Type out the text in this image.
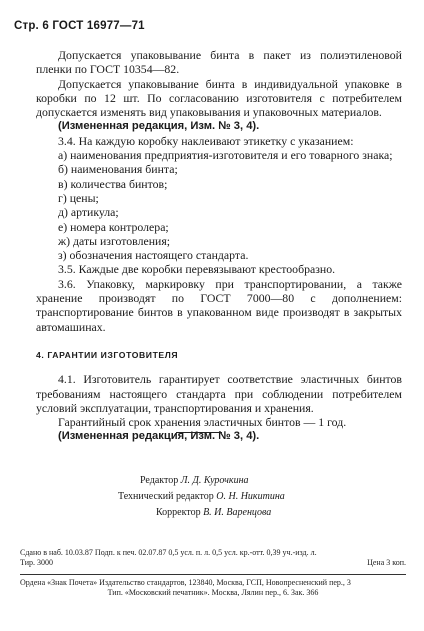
Стр. 6 ГОСТ 16977—71

Допускается упаковывание бинта в пакет из полиэтиленовой пленки по ГОСТ 10354—82.

Допускается упаковывание бинта в индивидуальной упаковке в коробки по 12 шт. По согласованию изготовителя с потребителем допускается изменять вид упаковывания и упаковочных материалов.

(Измененная редакция, Изм. № 3, 4).

3.4. На каждую коробку наклеивают этикетку с указанием:

а) наименования предприятия-изготовителя и его товарного знака;

б) наименования бинта;

в) количества бинтов;

г) цены;

д) артикула;

е) номера контролера;

ж) даты изготовления;

з) обозначения настоящего стандарта.

3.5. Каждые две коробки перевязывают крестообразно.

3.6. Упаковку, маркировку при транспортировании, а также хранение производят по ГОСТ 7000—80 с дополнением: транспортирование бинтов в упакованном виде производят в закрытых автомашинах.

4. ГАРАНТИИ ИЗГОТОВИТЕЛЯ

4.1. Изготовитель гарантирует соответствие эластичных бинтов требованиям настоящего стандарта при соблюдении потребителем условий эксплуатации, транспортирования и хранения.

Гарантийный срок хранения эластичных бинтов — 1 год.

(Измененная редакция, Изм. № 3, 4).

Редактор Л. Д. Курочкина
Технический редактор О. Н. Никитина
Корректор В. И. Варенцова
Сдано в наб. 10.03.87 Подп. к печ. 02.07.87 0,5 усл. п. л. 0,5 усл. кр.-отт. 0,39 уч.-изд. л.
Тир. 3000	Цена 3 коп.
Ордена «Знак Почета» Издательство стандартов, 123840, Москва, ГСП, Новопресненский пер., 3
Тип. «Московский печатник». Москва, Лялин пер., 6. Зак. 366
